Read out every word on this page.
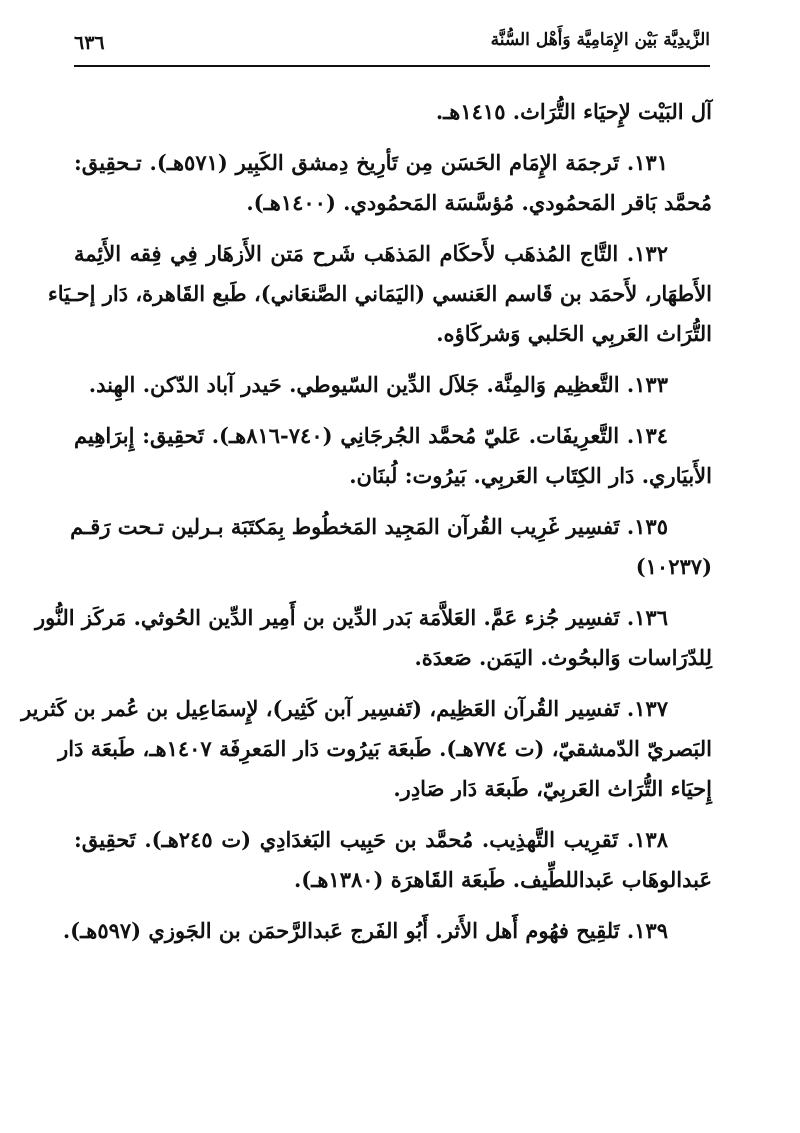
الزَّيدِيَّة بَيْن الإِمَامِيَّة وَأَهْل السُّنَّة
٦٣٦
آل البَيْت لإِحيَاء التُّرَاث. ١٤١٥هـ.
١٣١. تَرجمَة الإِمَام الحَسَن مِن تَأرِيخ دِمشق الكَبِير (٥٧١هـ). تـحقِيق:
مُحمَّد بَاقر المَحمُودي. مُؤسَّسَة المَحمُودي. (١٤٠٠هـ).
١٣٢. التَّاج المُذهَب لأَحكَام المَذهَب شَرح مَتن الأَزهَار فِي فِقه الأَئِمة
الأَطهَار، لأَحمَد بن قَاسم العَنسي (اليَمَاني الصَّنعَاني)، طَبع القَاهرة، دَار إحـيَاء
التُّرَاث العَربِي الحَلبي وَشركَاؤه.
١٣٣. التَّعظِيم وَالمِنَّة. جَلاَل الدِّين السّيوطي. حَيدر آباد الدّكن. الهِند.
١٣٤. التَّعرِيفَات. عَليّ مُحمَّد الجُرجَانِي (٧٤٠-٨١٦هـ). تَحقِيق: إِبرَاهِيم
الأَبيَاري. دَار الكِتَاب العَربِي. بَيرُوت: لُبنَان.
١٣٥. تَفسِير غَرِيب القُرآن المَجِيد المَخطُوط بِمَكتَبَة بـرلين تـحت رَقـم
(١٠٢٣٧)
١٣٦. تَفسِير جُزء عَمَّ. العَلاَّمَة بَدر الدِّين بن أَمِير الدِّين الحُوثي. مَركَز النُّور
لِلدّرَاسات وَالبحُوث. اليَمَن. صَعدَة.
١٣٧. تَفسِير القُرآن العَظِيم، (تَفسِير آبن كَثِير)، لإِسمَاعِيل بن عُمر بن كَثرير
البَصريّ الدّمشقيّ، (ت ٧٧٤هـ). طَبعَة بَيرُوت دَار المَعرِفَة ١٤٠٧هـ، طَبعَة دَار
إِحيَاء التُّرَاث العَربِيّ، طَبعَة دَار صَادِر.
١٣٨. تَقرِيب التَّهذِيب. مُحمَّد بن حَبِيب البَغدَادِي (ت ٢٤٥هـ). تَحقِيق:
عَبدالوهَاب عَبداللطِّيف. طَبعَة القَاهرَة (١٣٨٠هـ).
١٣٩. تَلقِيح فهُوم أَهل الأَثر. أَبُو الفَرج عَبدالرَّحمَن بن الجَوزي (٥٩٧هـ).
